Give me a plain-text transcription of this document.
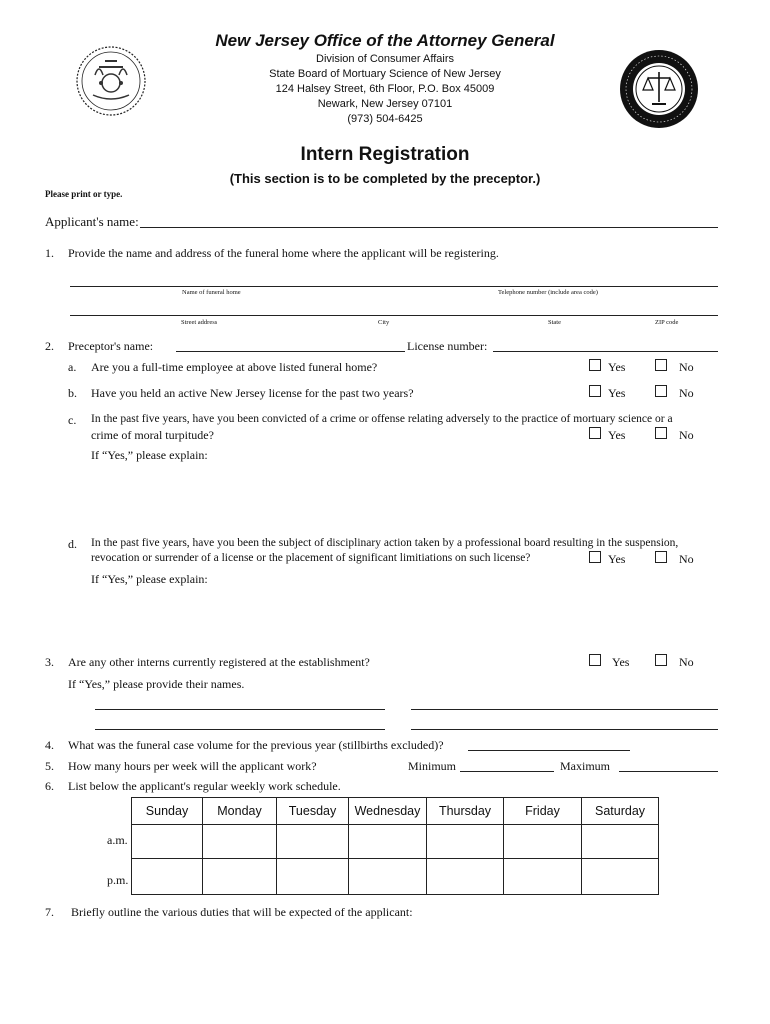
New Jersey Office of the Attorney General
Division of Consumer Affairs
State Board of Mortuary Science of New Jersey
124 Halsey Street, 6th Floor, P.O. Box 45009
Newark, New Jersey 07101
(973) 504-6425
Intern Registration
(This section is to be completed by the preceptor.)
Please print or type.
Applicant's name:
1. Provide the name and address of the funeral home where the applicant will be registering.
Name of funeral home	Telephone number (include area code)
Street address	City	State	ZIP code
2. Preceptor's name:	License number:
a. Are you a full-time employee at above listed funeral home?	Yes	No
b. Have you held an active New Jersey license for the past two years?	Yes	No
c. In the past five years, have you been convicted of a crime or offense relating adversely to the practice of mortuary science or a
crime of moral turpitude?	Yes	No
If “Yes,” please explain:
d. In the past five years, have you been the subject of disciplinary action taken by a professional board resulting in the suspension,
revocation or surrender of a license or the placement of significant limitiations on such license?	Yes	No
If “Yes,” please explain:
3. Are any other interns currently registered at the establishment?	Yes	No
If “Yes,” please provide their names.
4. What was the funeral case volume for the previous year (stillbirths excluded)?
5. How many hours per week will the applicant work?	Minimum	Maximum
6. List below the applicant's regular weekly work schedule.
Sunday	Monday	Tuesday	Wednesday	Thursday	Friday	Saturday

a.m.
p.m.
7. Briefly outline the various duties that will be expected of the applicant:
